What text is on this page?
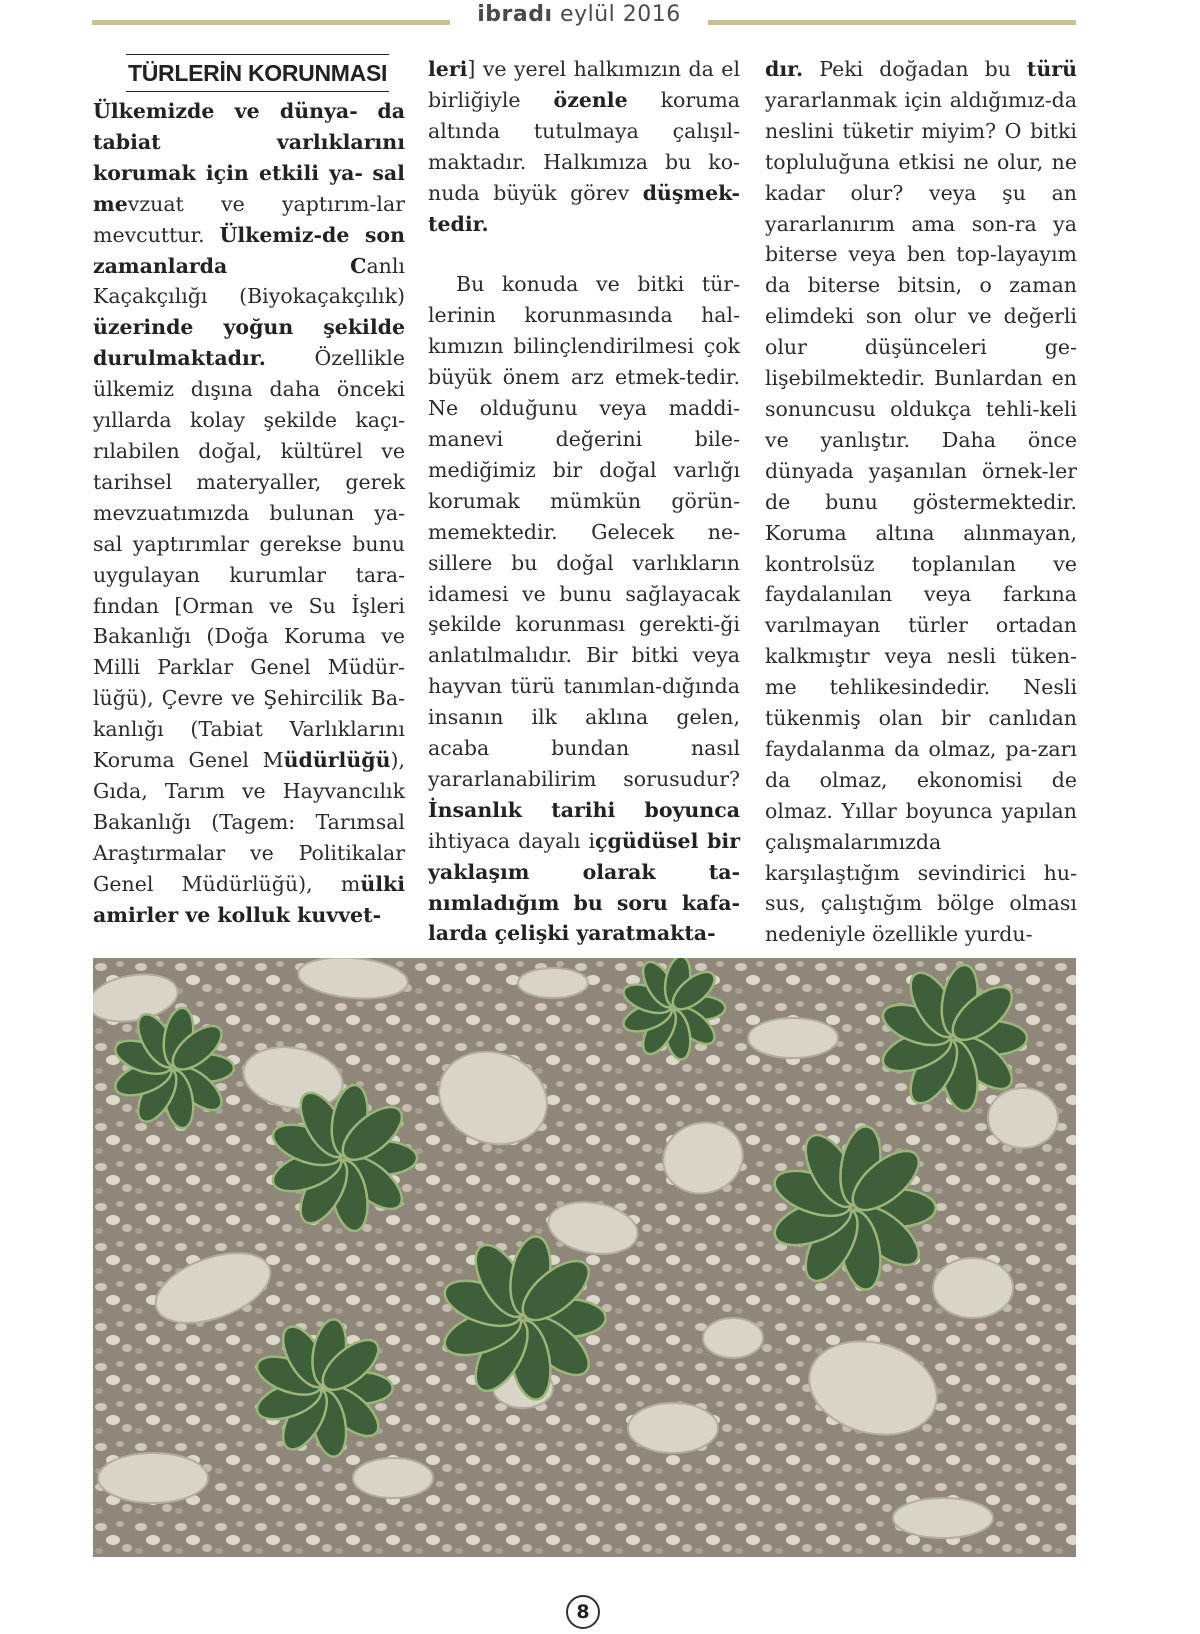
ibradı eylül 2016
TÜRLERİN KORUNMASI

Ülkemizde ve dünya- da tabiat varlıklarını korumak için etkili ya- sal mevzuat ve yaptırım-lar mevcuttur. Ülkemiz-de son zamanlarda Canlı Kaçakçılığı (Biyokaçakçılık) üzerinde yoğun şekilde durulmaktadır. Özellikle ülkemiz dışına daha önceki yıllarda kolay şekilde kaçı-rılabilen doğal, kültürel ve tarihsel materyaller, gerek mevzuatımızda bulunan ya-sal yaptırımlar gerekse bunu uygulayan kurumlar tara-fından [Orman ve Su İşleri Bakanlığı (Doğa Koruma ve Milli Parklar Genel Müdür-lüğü), Çevre ve Şehircilik Ba-kanlığı (Tabiat Varlıklarını Koruma Genel Müdürlüğü), Gıda, Tarım ve Hayvancılık Bakanlığı (Tagem: Tarımsal Araştırmalar ve Politikalar Genel Müdürlüğü), mülki amirler ve kolluk kuvvet-

leri] ve yerel halkımızın da el birliğiyle özenle koruma altında tutulmaya çalışıl-maktadır. Halkımıza bu ko-nuda büyük görev düşmek-tedir.

Bu konuda ve bitki tür-lerinin korunmasında hal-kımızın bilinçlendirilmesi çok büyük önem arz etmek-tedir. Ne olduğunu veya maddi-manevi değerini bile-mediğimiz bir doğal varlığı korumak mümkün görün-memektedir. Gelecek ne-sillere bu doğal varlıkların idamesi ve bunu sağlayacak şekilde korunması gerekti-ği anlatılmalıdır. Bir bitki veya hayvan türü tanımlan-dığında insanın ilk aklına gelen, acaba bundan nasıl yararlanabilirim sorusudur? İnsanlık tarihi boyunca ihtiyaca dayalı içgüdüsel bir yaklaşım olarak ta-nımladığım bu soru kafa-larda çelişki yaratmakta-

dır. Peki doğadan bu türü yararlanmak için aldığımız-da neslini tüketir miyim? O bitki topluluğuna etkisi ne olur, ne kadar olur? veya şu an yararlanırım ama son-ra ya biterse veya ben top-layayım da biterse bitsin, o zaman elimdeki son olur ve değerli olur düşünceleri ge-lişebilmektedir. Bunlardan en sonuncusu oldukça tehli-keli ve yanlıştır. Daha önce dünyada yaşanılan örnek-ler de bunu göstermektedir. Koruma altına alınmayan, kontrolsüz toplanılan ve faydalanılan veya farkına varılmayan türler ortadan kalkmıştır veya nesli tüken-me tehlikesindedir. Nesli tükenmiş olan bir canlıdan faydalanma da olmaz, pa-zarı da olmaz, ekonomisi de olmaz. Yıllar boyunca yapılan çalışmalarımızda karşılaştığım sevindirici hu-sus, çalıştığım bölge olması nedeniyle özellikle yurdu-

8
